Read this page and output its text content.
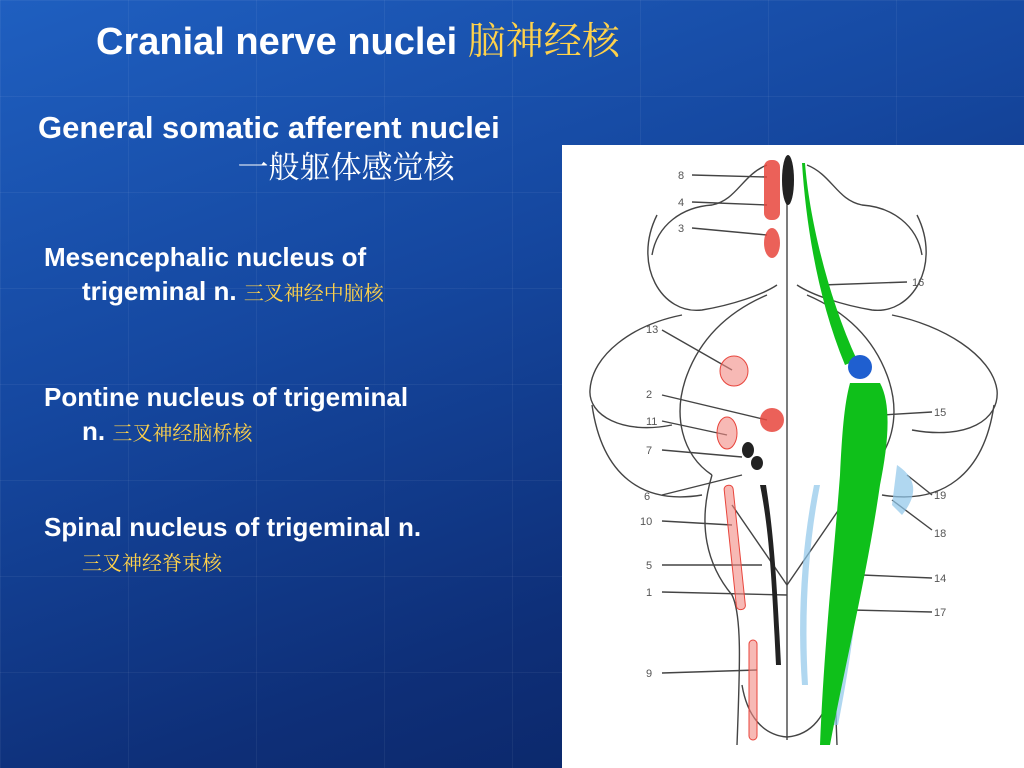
Cranial nerve nuclei 脑神经核
General somatic afferent nuclei
一般躯体感觉核
Mesencephalic nucleus of
trigeminal n. 三叉神经中脑核
Pontine nucleus of trigeminal
n. 三叉神经脑桥核
Spinal nucleus of trigeminal n.
三叉神经脊束核
8
4
3
13
2
11
7
6
10
5
1
9
16
15
19
18
14
17
